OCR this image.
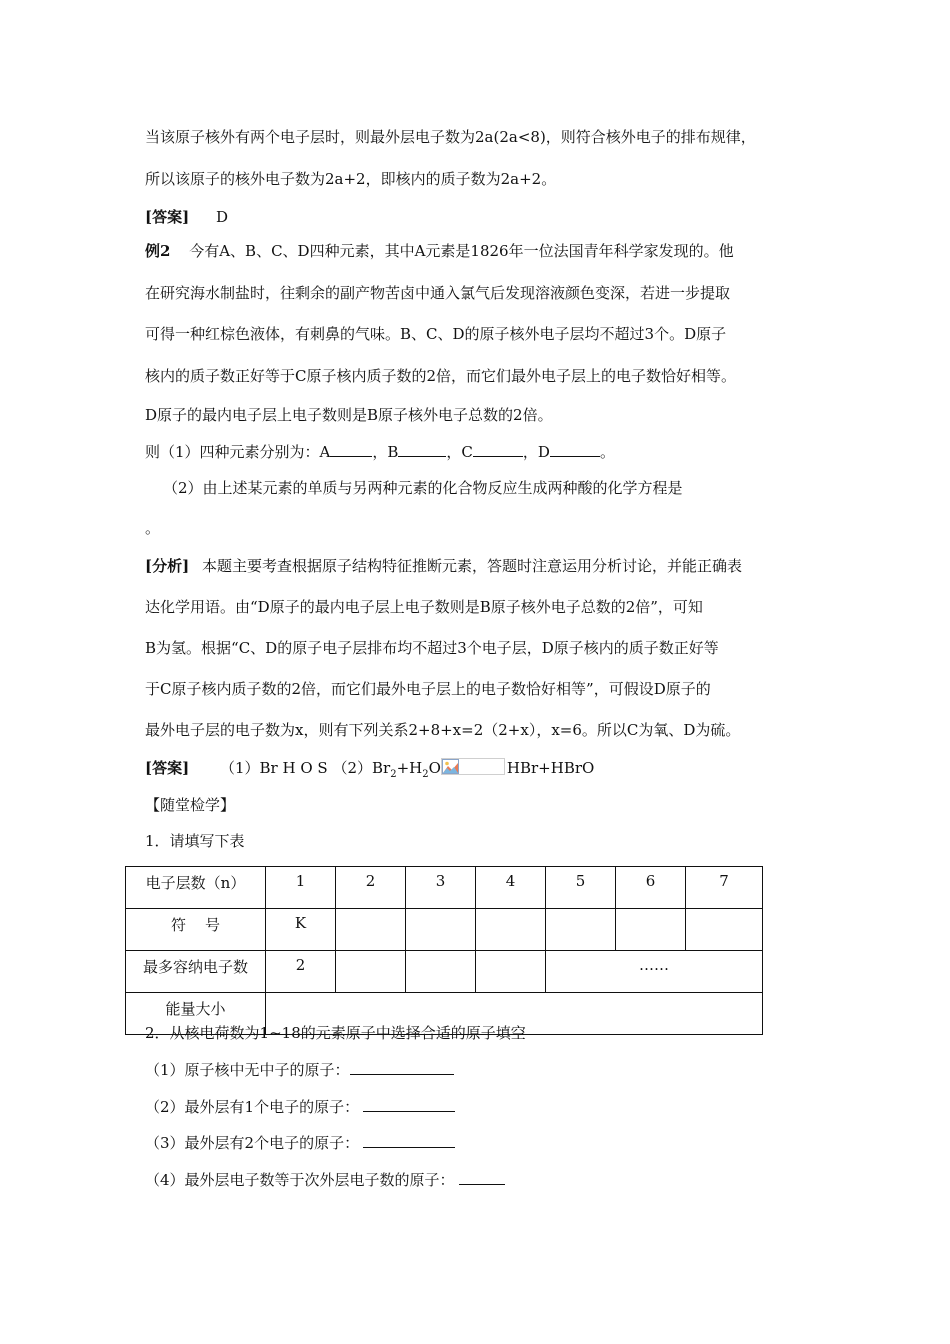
当该原子核外有两个电子层时，则最外层电子数为2a(2a<8)，则符合核外电子的排布规律，
所以该原子的核外电子数为2a+2，即核内的质子数为2a+2。
[答案] D
例2 今有A、B、C、D四种元素，其中A元素是1826年一位法国青年科学家发现的。他
在研究海水制盐时，往剩余的副产物苦卤中通入氯气后发现溶液颜色变深，若进一步提取
可得一种红棕色液体，有刺鼻的气味。B、C、D的原子核外电子层均不超过3个。D原子
核内的质子数正好等于C原子核内质子数的2倍，而它们最外电子层上的电子数恰好相等。
D原子的最内电子层上电子数则是B原子核外电子总数的2倍。
则（1）四种元素分别为：A	，B	，C	，D	。
（2）由上述某元素的单质与另两种元素的化合物反应生成两种酸的化学方程是
。
[分析] 本题主要考查根据原子结构特征推断元素，答题时注意运用分析讨论，并能正确表
达化学用语。由“D原子的最内电子层上电子数则是B原子核外电子总数的2倍”，可知
B为氢。根据“C、D的原子电子层排布均不超过3个电子层，D原子核内的质子数正好等
于C原子核内质子数的2倍，而它们最外电子层上的电子数恰好相等”，可假设D原子的
最外电子层的电子数为x，则有下列关系2+8+x=2（2+x），x=6。所以C为氧、D为硫。
[答案] （1）Br H O S $(2)Br_2+H_2O$	HBr+HBrO
【随堂检学】
1．请填写下表
电子层数（n）	1	2	3	4	5	6	7
符    号	K						
最多容纳电子数	2				……		
能量大小							
2．从核电荷数为1~18的元素原子中选择合适的原子填空
（1）原子核中无中子的原子：
（2）最外层有1个电子的原子：
（3）最外层有2个电子的原子：
（4）最外层电子数等于次外层电子数的原子：
